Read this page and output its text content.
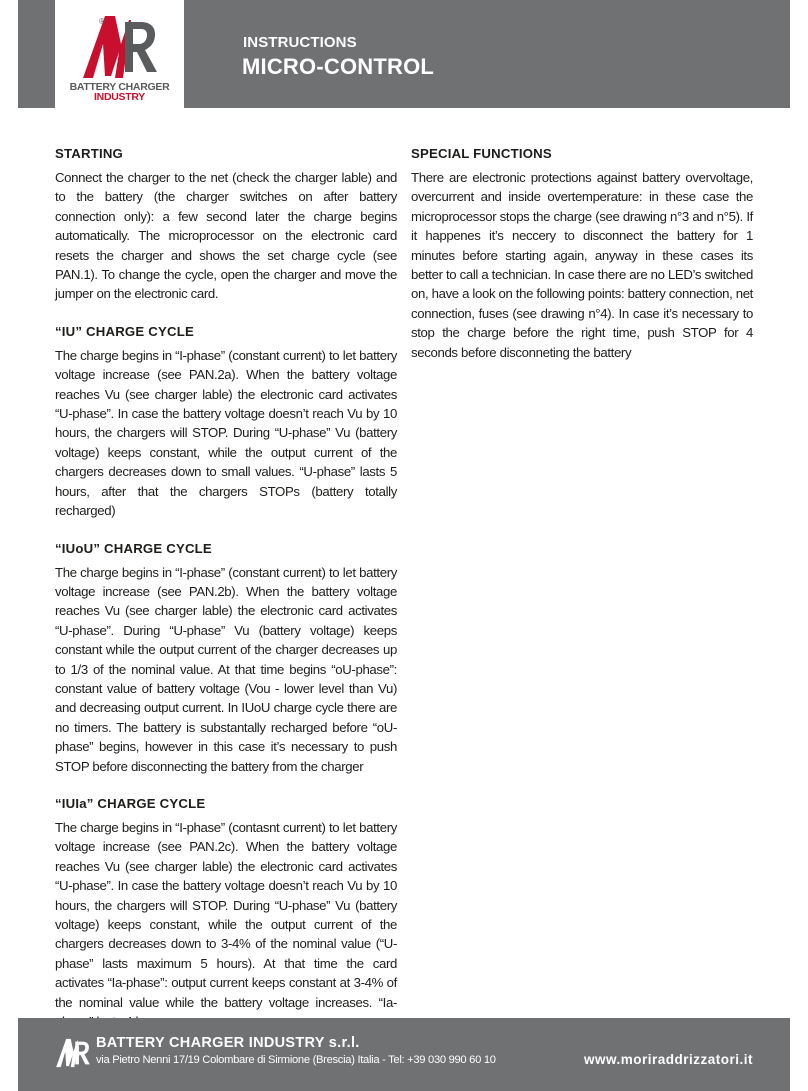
®
BATTERY CHARGER
INDUSTRY
INSTRUCTIONS
MICRO-CONTROL
STARTING

Connect the charger to the net (check the charger lable) and to the battery (the charger switches on after battery connection only): a few second later the charge begins automatically. The microprocessor on the electronic card resets the charger and shows the set charge cycle (see PAN.1). To change the cycle, open the charger and move the jumper on the electronic card.

“IU” CHARGE CYCLE

The charge begins in “I-phase” (constant current) to let battery voltage increase (see PAN.2a). When the battery voltage reaches Vu (see charger lable) the electronic card activates “U-phase”. In case the battery voltage doesn’t reach Vu by 10 hours, the chargers will STOP. During “U-phase” Vu (battery voltage) keeps constant, while the output current of the chargers decreases down to small values. “U-phase” lasts 5 hours, after that the chargers STOPs (battery totally recharged)

“IUoU” CHARGE CYCLE

The charge begins in “I-phase” (constant current) to let battery voltage increase (see PAN.2b). When the battery voltage reaches Vu (see charger lable) the electronic card activates “U-phase”. During “U-phase” Vu (battery voltage) keeps constant while the output current of the charger decreases up to 1/3 of the nominal value. At that time begins “oU-phase”: constant value of battery voltage (Vou - lower level than Vu) and decreasing output current. In IUoU charge cycle there are no timers. The battery is substantally recharged before “oU-phase” begins, however in this case it’s necessary to push STOP before disconnecting the battery from the charger

“IUIa” CHARGE CYCLE

The charge begins in “I-phase” (contasnt current) to let battery voltage increase (see PAN.2c). When the battery voltage reaches Vu (see charger lable) the electronic card activates “U-phase”. In case the battery voltage doesn’t reach Vu by 10 hours, the chargers will STOP. During “U-phase” Vu (battery voltage) keeps constant, while the output current of the chargers decreases down to 3-4% of the nominal value (“U-phase” lasts maximum 5 hours). At that time the card activates “Ia-phase”: output current keeps constant at 3-4% of the nominal value while the battery voltage increases. “Ia-

SPECIAL FUNCTIONS

There are electronic protections against battery overvoltage, overcurrent and inside overtemperature: in these case the microprocessor stops the charge (see drawing n°3 and n°5). If it happenes it’s neccery to disconnect the battery for 1 minutes before starting again, anyway in these cases its better to call a technician. In case there are no LED’s switched on, have a look on the following points: battery connection, net connection, fuses (see drawing n°4). In case it’s necessary to stop the charge before the right time, push STOP for 4 seconds before disconneting the battery

BATTERY CHARGER INDUSTRY s.r.l.
via Pietro Nenni 17/19 Colombare di Sirmione (Brescia) Italia - Tel: +39 030 990 60 10	www.moriraddrizzatori.it
